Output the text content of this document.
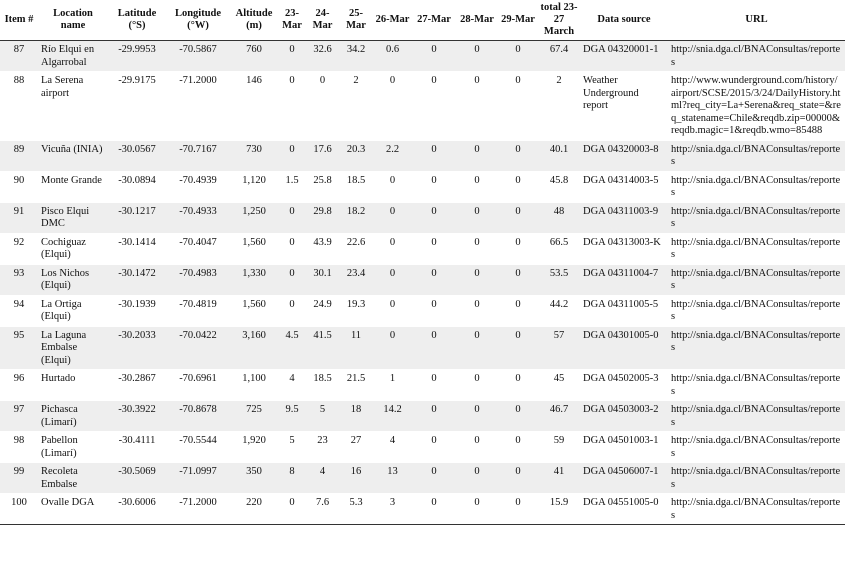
Item #	Location name	Latitude (°S)	Longitude (°W)	Altitude (m)	23-Mar	24-Mar	25-Mar	26-Mar	27-Mar	28-Mar	29-Mar	total 23-27 March	Data source	URL
87	Río Elqui en Algarrobal	-29.9953	-70.5867	760	0	32.6	34.2	0.6	0	0	0	67.4	DGA 04320001-1	http://snia.dga.cl/BNAConsultas/reportes
88	La Serena airport	-29.9175	-71.2000	146	0	0	2	0	0	0	0	2	Weather Underground report	http://www.wunderground.com/history/airport/SCSE/2015/3/24/DailyHistory.html?req_city=La+Serena&req_state=&req_statename=Chile&reqdb.zip=00000&reqdb.magic=1&reqdb.wmo=85488
89	Vicuña (INIA)	-30.0567	-70.7167	730	0	17.6	20.3	2.2	0	0	0	40.1	DGA 04320003-8	http://snia.dga.cl/BNAConsultas/reportes
90	Monte Grande	-30.0894	-70.4939	1,120	1.5	25.8	18.5	0	0	0	0	45.8	DGA 04314003-5	http://snia.dga.cl/BNAConsultas/reportes
91	Pisco Elqui DMC	-30.1217	-70.4933	1,250	0	29.8	18.2	0	0	0	0	48	DGA 04311003-9	http://snia.dga.cl/BNAConsultas/reportes
92	Cochiguaz (Elqui)	-30.1414	-70.4047	1,560	0	43.9	22.6	0	0	0	0	66.5	DGA 04313003-K	http://snia.dga.cl/BNAConsultas/reportes
93	Los Nichos (Elqui)	-30.1472	-70.4983	1,330	0	30.1	23.4	0	0	0	0	53.5	DGA 04311004-7	http://snia.dga.cl/BNAConsultas/reportes
94	La Ortiga (Elqui)	-30.1939	-70.4819	1,560	0	24.9	19.3	0	0	0	0	44.2	DGA 04311005-5	http://snia.dga.cl/BNAConsultas/reportes
95	La Laguna Embalse (Elqui)	-30.2033	-70.0422	3,160	4.5	41.5	11	0	0	0	0	57	DGA 04301005-0	http://snia.dga.cl/BNAConsultas/reportes
96	Hurtado	-30.2867	-70.6961	1,100	4	18.5	21.5	1	0	0	0	45	DGA 04502005-3	http://snia.dga.cl/BNAConsultas/reportes
97	Pichasca (Limarí)	-30.3922	-70.8678	725	9.5	5	18	14.2	0	0	0	46.7	DGA 04503003-2	http://snia.dga.cl/BNAConsultas/reportes
98	Pabellon (Limarí)	-30.4111	-70.5544	1,920	5	23	27	4	0	0	0	59	DGA 04501003-1	http://snia.dga.cl/BNAConsultas/reportes
99	Recoleta Embalse	-30.5069	-71.0997	350	8	4	16	13	0	0	0	41	DGA 04506007-1	http://snia.dga.cl/BNAConsultas/reportes
100	Ovalle DGA	-30.6006	-71.2000	220	0	7.6	5.3	3	0	0	0	15.9	DGA 04551005-0	http://snia.dga.cl/BNAConsultas/reportes
